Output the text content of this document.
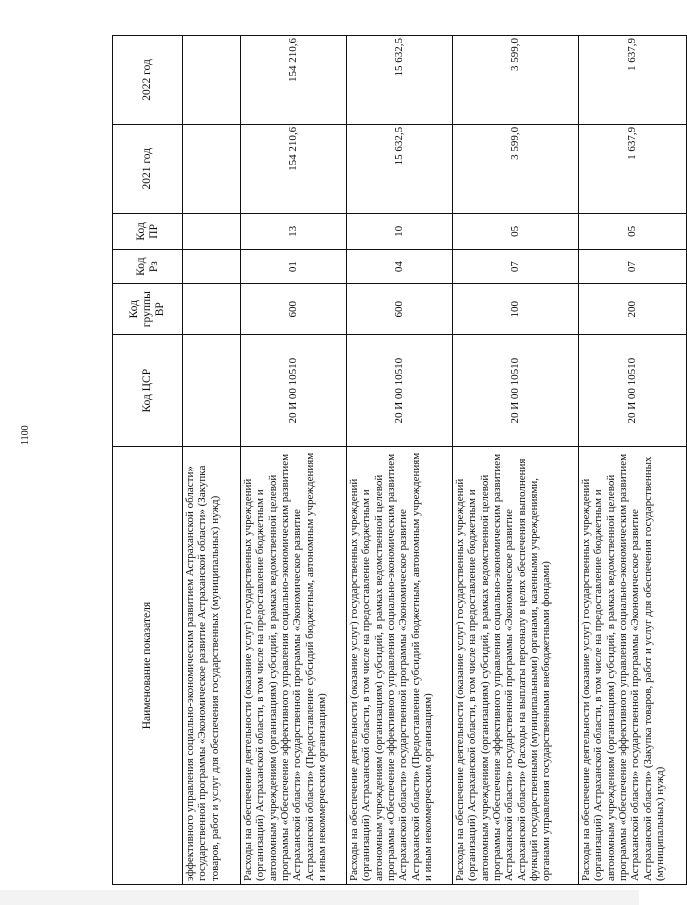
1100
Наименование показателя	Код ЦСР	Код группы ВР	Код Рз	Код ПР	2021 год	2022 год
эффективного управления социально-экономическим развитием Астраханской области» государственной программы «Экономическое развитие Астраханской области» (Закупка товаров, работ и услуг для обеспечения государственных (муниципальных) нужд)						
Расходы на обеспечение деятельности (оказание услуг) государственных учреждений (организаций) Астраханской области, в том числе на предоставление бюджетным и автономным учреждениям (организациям) субсидий, в рамках ведомственной целевой программы «Обеспечение эффективного управления социально-экономическим развитием Астраханской области» государственной программы «Экономическое развитие Астраханской области» (Предоставление субсидий бюджетным, автономным учреждениям и иным некоммерческим организациям)	20 И 00 10510	600	01	13	154 210,6	154 210,6
Расходы на обеспечение деятельности (оказание услуг) государственных учреждений (организаций) Астраханской области, в том числе на предоставление бюджетным и автономным учреждениям (организациям) субсидий, в рамках ведомственной целевой программы «Обеспечение эффективного управления социально-экономическим развитием Астраханской области» государственной программы «Экономическое развитие Астраханской области» (Предоставление субсидий бюджетным, автономным учреждениям и иным некоммерческим организациям)	20 И 00 10510	600	04	10	15 632,5	15 632,5
Расходы на обеспечение деятельности (оказание услуг) государственных учреждений (организаций) Астраханской области, в том числе на предоставление бюджетным и автономным учреждениям (организациям) субсидий, в рамках ведомственной целевой программы «Обеспечение эффективного управления социально-экономическим развитием Астраханской области» государственной программы «Экономическое развитие Астраханской области» (Расходы на выплаты персоналу в целях обеспечения выполнения функций государственными (муниципальными) органами, казенными учреждениями, органами управления государственными внебюджетными фондами)	20 И 00 10510	100	07	05	3 599,0	3 599,0
Расходы на обеспечение деятельности (оказание услуг) государственных учреждений (организаций) Астраханской области, в том числе на предоставление бюджетным и автономным учреждениям (организациям) субсидий, в рамках ведомственной целевой программы «Обеспечение эффективного управления социально-экономическим развитием Астраханской области» государственной программы «Экономическое развитие Астраханской области» (Закупка товаров, работ и услуг для обеспечения государственных (муниципальных) нужд)	20 И 00 10510	200	07	05	1 637,9	1 637,9
